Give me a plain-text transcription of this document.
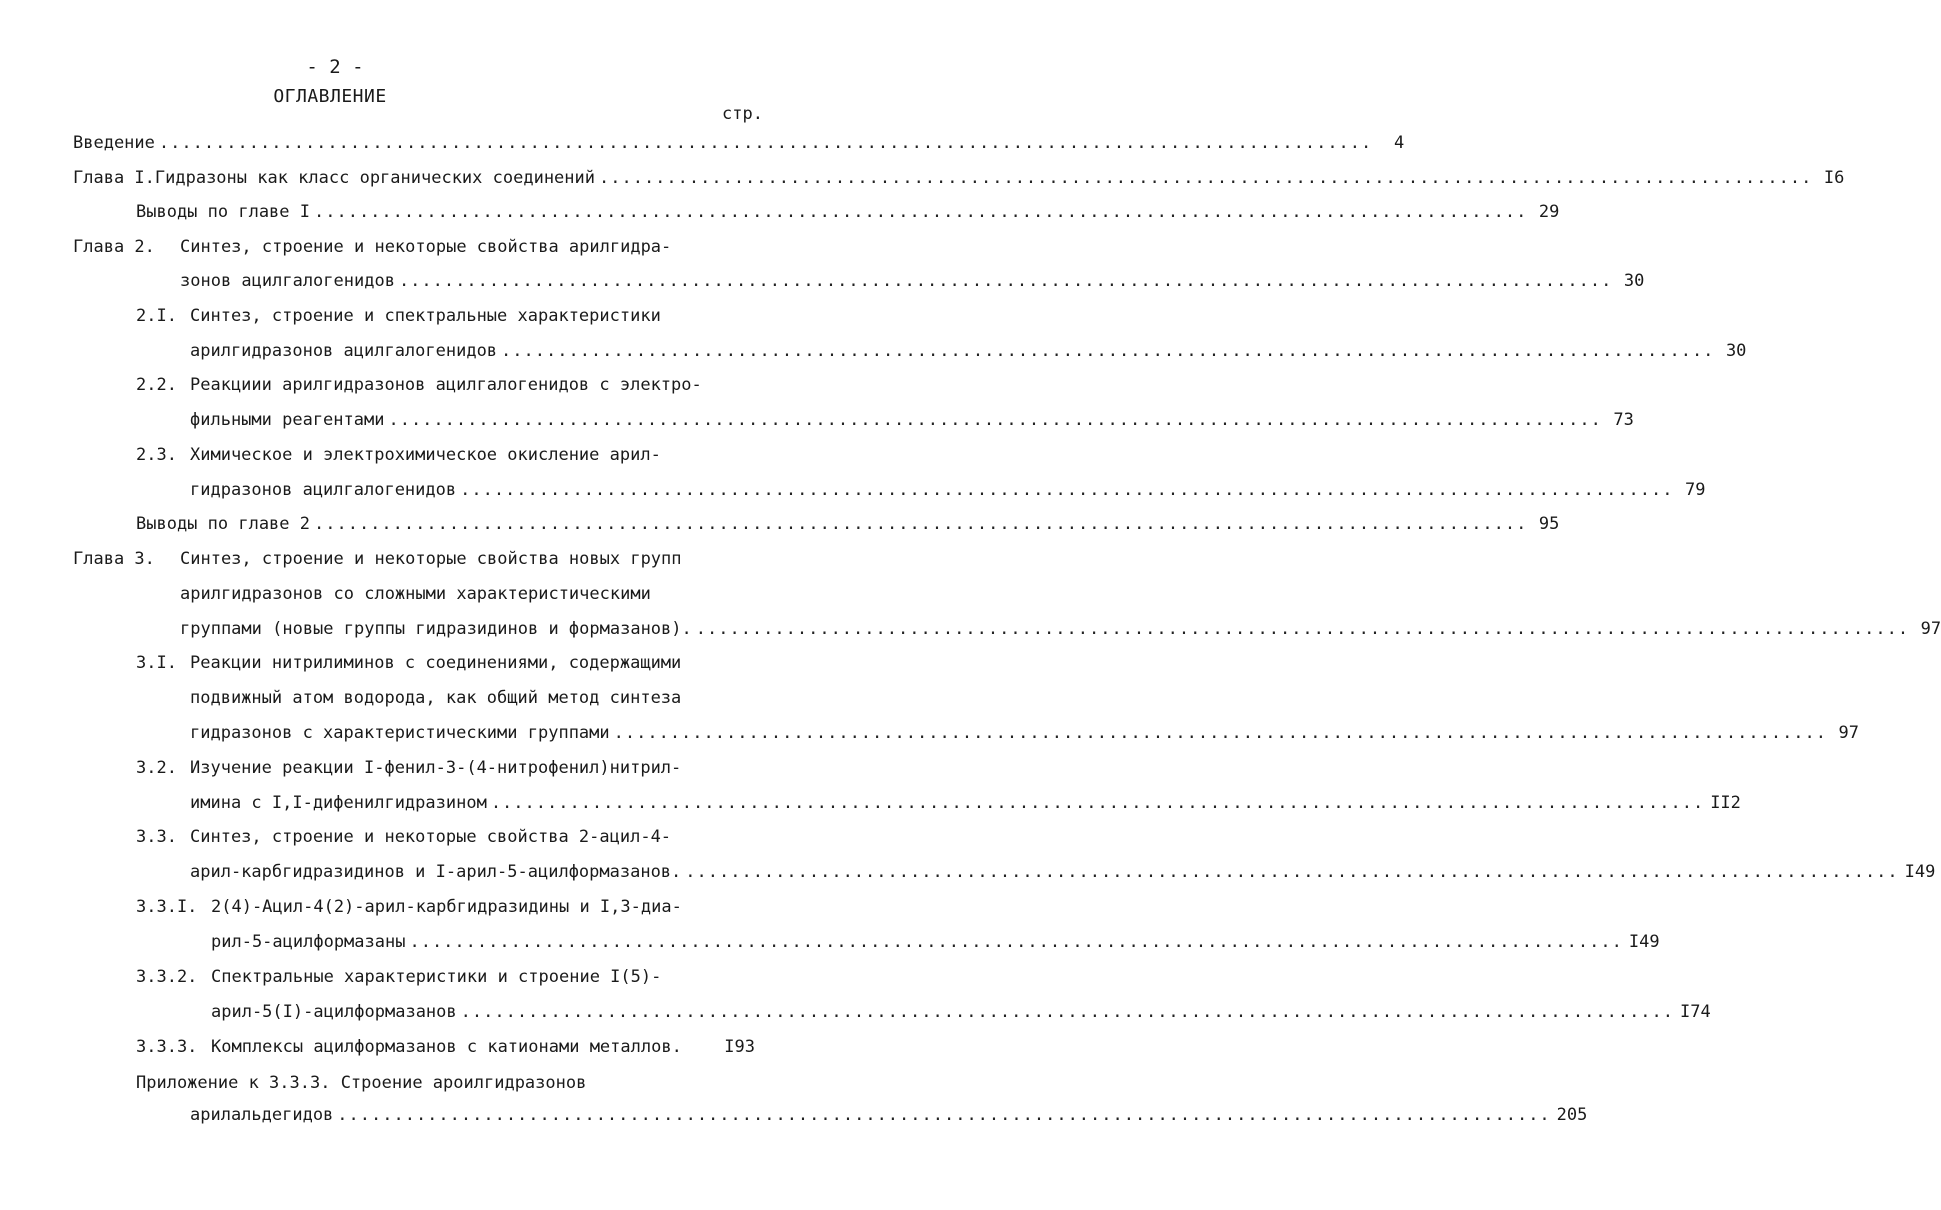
- 2 -
ОГЛАВЛЕНИЕ
стр.
Введение ............................................................................................................	4
Глава I. Гидразоны как класс органических соединений ............................................................................................................ I6
Выводы по главе I ............................................................................................................ 29
Глава 2. Синтез, строение и некоторые свойства арилгидра-
зонов ацилгалогенидов ............................................................................................................ 30
2.I. Синтез, строение и спектральные характеристики
арилгидразонов ацилгалогенидов ............................................................................................................ 30
2.2. Реакциии арилгидразонов ацилгалогенидов с электро-
фильными реагентами ............................................................................................................ 73
2.3. Химическое и электрохимическое окисление арил-
гидразонов ацилгалогенидов ............................................................................................................ 79
Выводы по главе 2 ............................................................................................................ 95
Глава 3. Синтез, строение и некоторые свойства новых групп
арилгидразонов со сложными характеристическими
группами (новые группы гидразидинов и формазанов). ............................................................................................................ 97
3.I. Реакции нитрилиминов с соединениями, содержащими
подвижный атом водорода, как общий метод синтеза
гидразонов с характеристическими группами ............................................................................................................ 97
3.2. Изучение реакции I-фенил-3-(4-нитрофенил)нитрил-
имина с I,I-дифенилгидразином ............................................................................................................ II2
3.3. Синтез, строение и некоторые свойства 2-ацил-4-
арил-карбгидразидинов и I-арил-5-ацилформазанов. ............................................................................................................ I49
3.3.I. 2(4)-Ацил-4(2)-арил-карбгидразидины и I,3-диа-
рил-5-ацилформазаны ............................................................................................................ I49
3.3.2. Спектральные характеристики и строение I(5)-
арил-5(I)-ацилформазанов ............................................................................................................ I74
3.3.3. Комплексы ацилформазанов с катионами металлов.	I93
Приложение к 3.3.3. Строение ароилгидразонов
арилальдегидов ............................................................................................................ 205
